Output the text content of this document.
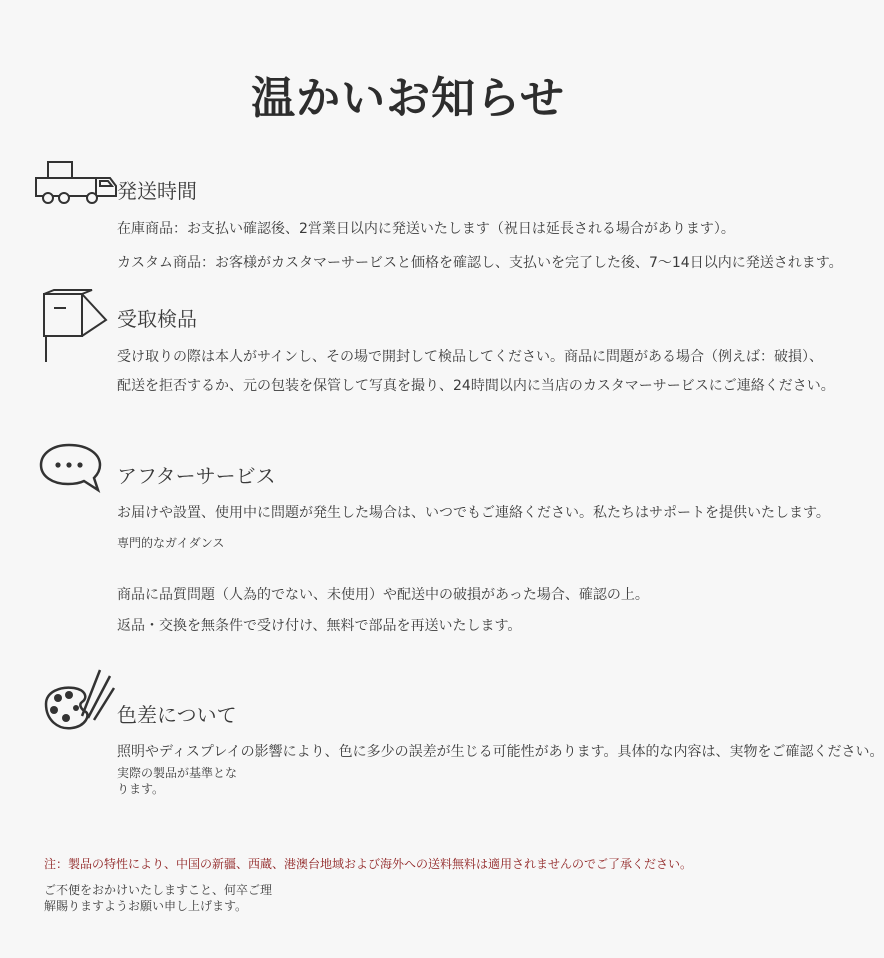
温かいお知らせ
発送時間
在庫商品：お支払い確認後、2営業日以内に発送いたします（祝日は延長される場合があります）。
カスタム商品：お客様がカスタマーサービスと価格を確認し、支払いを完了した後、7〜14日以内に発送されます。
受取検品
受け取りの際は本人がサインし、その場で開封して検品してください。商品に問題がある場合（例えば：破損）、
配送を拒否するか、元の包装を保管して写真を撮り、24時間以内に当店のカスタマーサービスにご連絡ください。
アフターサービス
お届けや設置、使用中に問題が発生した場合は、いつでもご連絡ください。私たちはサポートを提供いたします。
専門的なガイダンス
商品に品質問題（人為的でない、未使用）や配送中の破損があった場合、確認の上。
返品・交換を無条件で受け付け、無料で部品を再送いたします。
色差について
照明やディスプレイの影響により、色に多少の誤差が生じる可能性があります。具体的な内容は、実物をご確認ください。
実際の製品が基準となります。
注：製品の特性により、中国の新疆、西蔵、港澳台地域および海外への送料無料は適用されませんのでご了承ください。
ご不便をおかけいたしますこと、何卒ご理解賜りますようお願い申し上げます。
